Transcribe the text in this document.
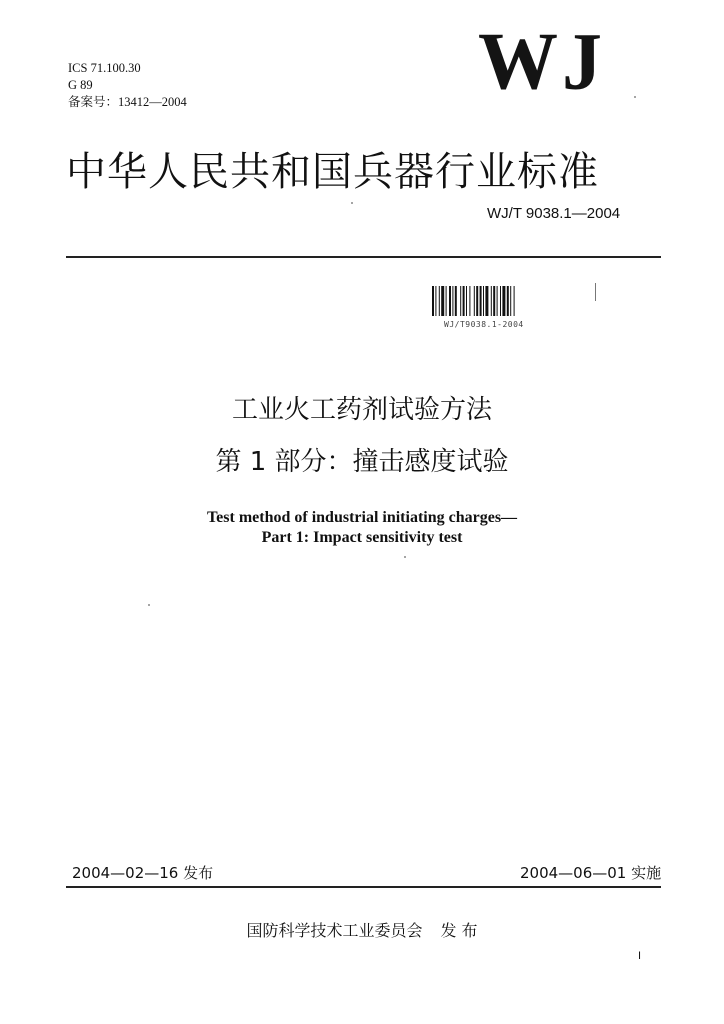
ICS 71.100.30
G 89
备案号：13412—2004	WJ
中华人民共和国兵器行业标准
WJ/T 9038.1—2004
WJ/T9038.1-2004
工业火工药剂试验方法
第 1 部分：撞击感度试验
Test method of industrial initiating charges—
Part 1: Impact sensitivity test
2004—02—16 发布	2004—06—01 实施
国防科学技术工业委员会 发 布
I
